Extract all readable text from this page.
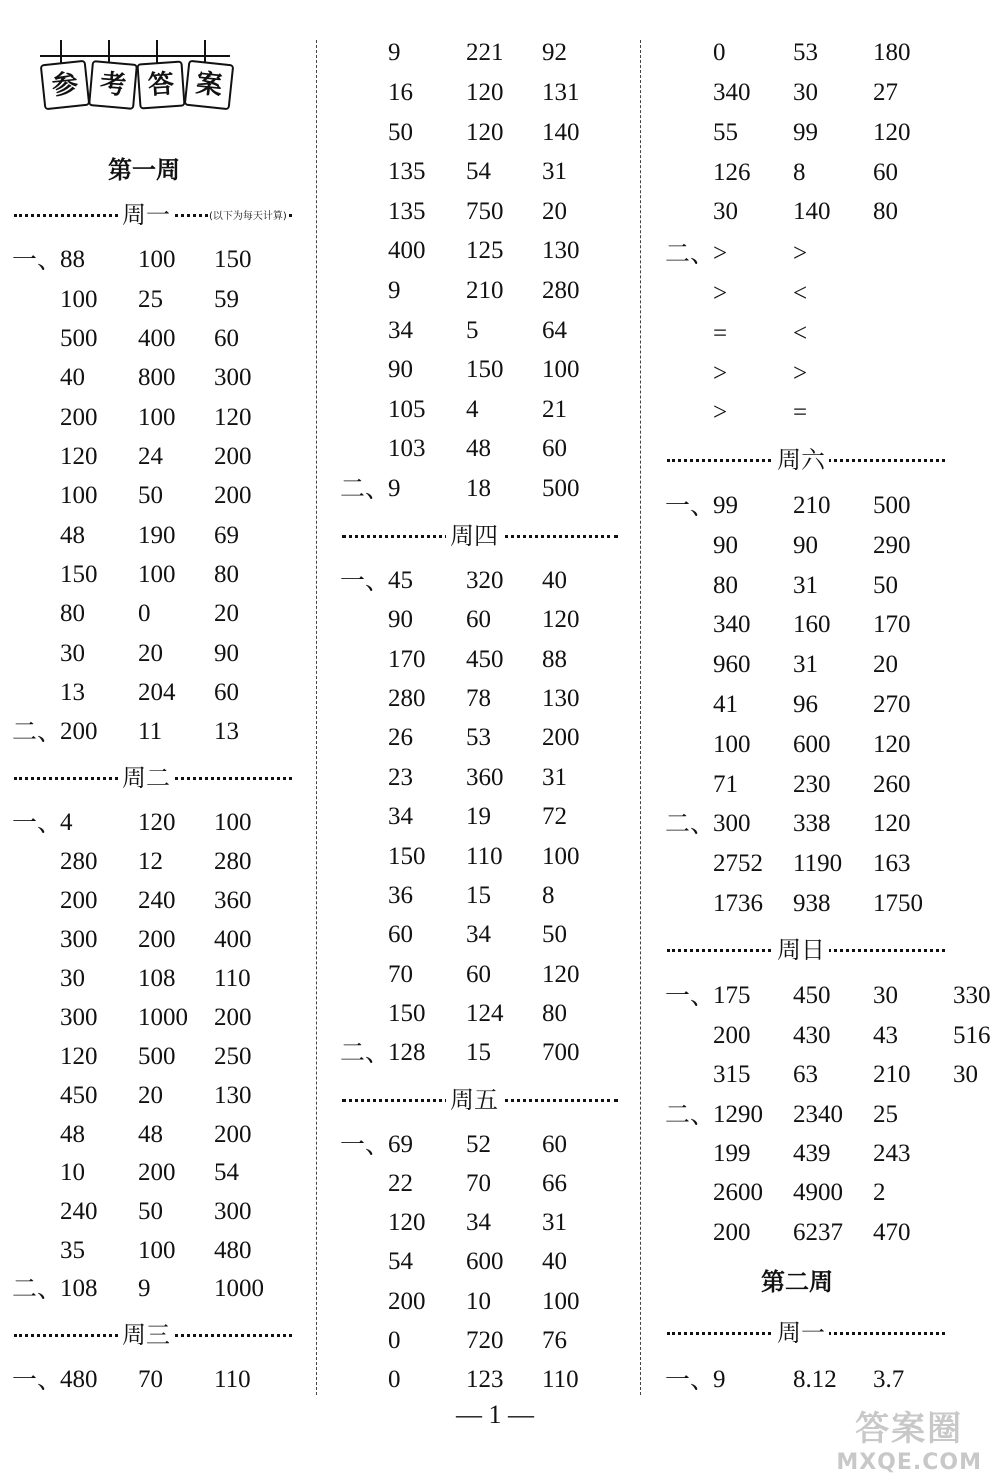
参 考 答 案
第一周
周一	(以下为每天计算)
一、
88 100 150
100 25 59
500 400 60
40 800 300
200 100 120
120 24 200
100 50 200
48 190 69
150 100 80
80 0	20
30 20 90
13 204 60
二、
200 11 13
周二
一、
4	120 100
280 12 280
200 240 360
300 200 400
30 108 110
300 1000 200
120 500 250
450 20 130
48 48 200
10 200 54
240 50 300
35 100 480
二、
108 9	1000
周三
一、
480 70 110
9	221 92
16 120 131
50 120 140
135 54 31
135 750 20
400 125 130
9	210 280
34 5	64
90 150 100
105 4	21
103 48 60
二、
9	18 500
周四
一、
45 320 40
90 60 120
170 450 88
280 78 130
26 53 200
23 360 31
34 19 72
150 110 100
36 15 8
60 34 50
70 60 120
150 124 80
二、
128 15 700
周五
一、
69 52 60
22 70 66
120 34 31
54 600 40
200 10 100
0	720 76
0	123 110
0	53 180
340 30 27
55 99 120
126 8	60
30 140 80
二、
>	>
>	<
=	<
>	>
>	=
周六
一、
99 210 500
90 90 290
80 31 50
340 160 170
960 31 20
41 96 270
100 600 120
71 230 260
二、
300 338 120
2752 1190 163
1736 938 1750
周日
一、
175 450 30 330
200 430 43 516
315 63 210 30
二、
1290 2340 25
199 439 243
2600 4900 2
200 6237 470
第二周
周一
一、
9	8.12 3.7
— 1 —	答案圈
MXQE.COM
